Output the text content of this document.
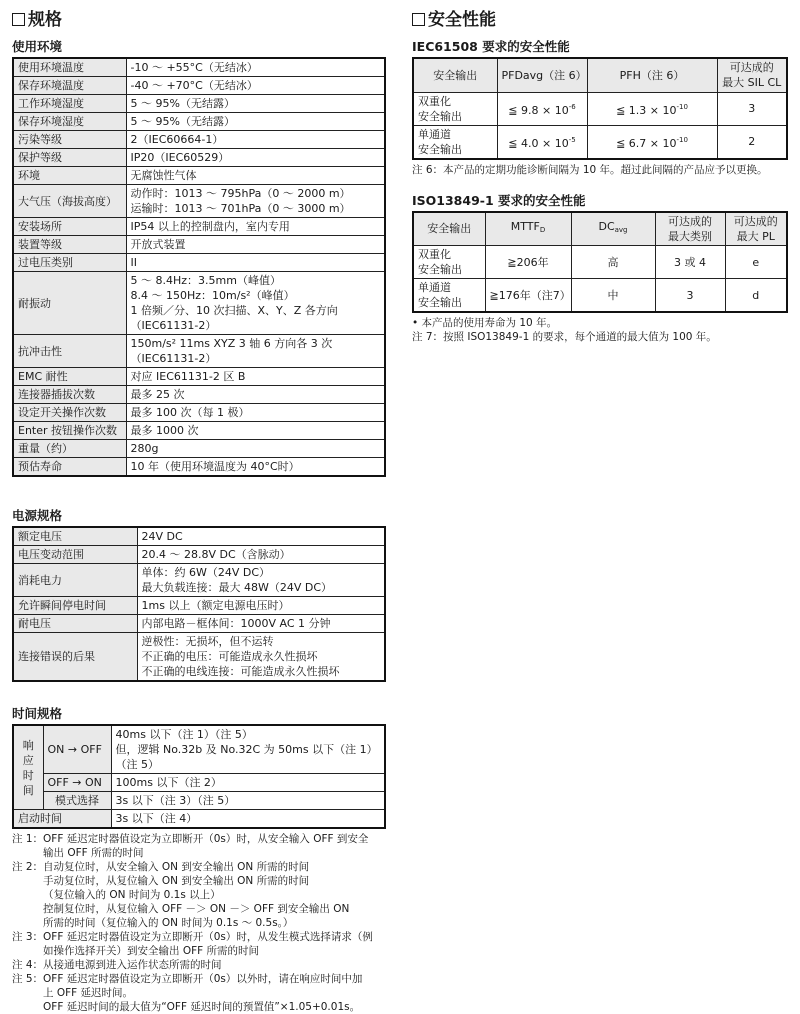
规格
使用环境
使用环境温度	-10 ～ +55°C（无结冰）

保存环境温度	-40 ～ +70°C（无结冰）

工作环境湿度	5 ～ 95%（无结露）

保存环境湿度	5 ～ 95%（无结露）

污染等级	2（IEC60664-1）

保护等级	IP20（IEC60529）

环境	无腐蚀性气体

大气压（海拔高度）	动作时：1013 ～ 795hPa（0 ～ 2000 m）
运输时：1013 ～ 701hPa（0 ～ 3000 m）

安装场所	IP54 以上的控制盘内，室内专用

装置等级	开放式装置

过电压类别	II

耐振动	5 ～ 8.4Hz：3.5mm（峰值）
8.4 ～ 150Hz：10m/s²（峰值）
1 倍频／分、10 次扫描、X、Y、Z 各方向（IEC61131-2）

抗冲击性	150m/s² 11ms XYZ 3 轴 6 方向各 3 次
（IEC61131-2）

EMC 耐性	对应 IEC61131-2 区 B

连接器插拔次数	最多 25 次

设定开关操作次数	最多 100 次（每 1 极）

Enter 按钮操作次数	最多 1000 次

重量（约）	280g

预估寿命	10 年（使用环境温度为 40°C时）
电源规格
额定电压	24V DC

电压变动范围	20.4 ～ 28.8V DC（含脉动）

消耗电力	单体：约 6W（24V DC）
最大负载连接：最大 48W（24V DC）

允许瞬间停电时间	1ms 以上（额定电源电压时）

耐电压	内部电路－框体间：1000V AC 1 分钟

连接错误的后果	逆极性：无损坏，但不运转
不正确的电压：可能造成永久性损坏
不正确的电线连接：可能造成永久性损坏
时间规格
响应
时间	ON → OFF	40ms 以下（注 1）（注 5）
但，逻辑 No.32b 及 No.32C 为 50ms 以下（注 1）（注 5）

	OFF → ON	100ms 以下（注 2）
	模式选择	3s 以下（注 3）（注 5）
启动时间		3s 以下（注 4）
注 1： OFF 延迟定时器值设定为立即断开（0s）时，从安全输入 OFF 到安全
输出 OFF 所需的时间
注 2： 自动复位时，从安全输入 ON 到安全输出 ON 所需的时间
手动复位时，从复位输入 ON 到安全输出 ON 所需的时间
（复位输入的 ON 时间为 0.1s 以上）
控制复位时，从复位输入 OFF －＞ ON －＞ OFF 到安全输出 ON
所需的时间（复位输入的 ON 时间为 0.1s ～ 0.5s。）
注 3： OFF 延迟定时器值设定为立即断开（0s）时，从发生模式选择请求（例
如操作选择开关）到安全输出 OFF 所需的时间
注 4： 从接通电源到进入运作状态所需的时间
注 5： OFF 延迟定时器值设定为立即断开（0s）以外时，请在响应时间中加
上 OFF 延迟时间。
OFF 延迟时间的最大值为“OFF 延迟时间的预置值”×1.05+0.01s。
安全性能
IEC61508 要求的安全性能
安全输出	PFDavg（注 6）	PFH（注 6）	可达成的
最大 SIL CL

双重化
安全输出	≦ $9.8 \times 10^{-6}$	≦ $1.3 \times 10^{-10}$	3

单通道
安全输出	≦ $4.0 \times 10^{-5}$	≦ $6.7 \times 10^{-10}$	2
注 6：本产品的定期功能诊断间隔为 10 年。超过此间隔的产品应予以更换。
ISO13849-1 要求的安全性能
安全输出	$MTTF_D$	$DC_{avg}$	可达成的
最大类别	可达成的
最大 PL

双重化
安全输出	≧206年	高	3 或 4	e

单通道
安全输出	≧176年（注7）	中	3	d
• 本产品的使用寿命为 10 年。
注 7：按照 ISO13849-1 的要求，每个通道的最大值为 100 年。
